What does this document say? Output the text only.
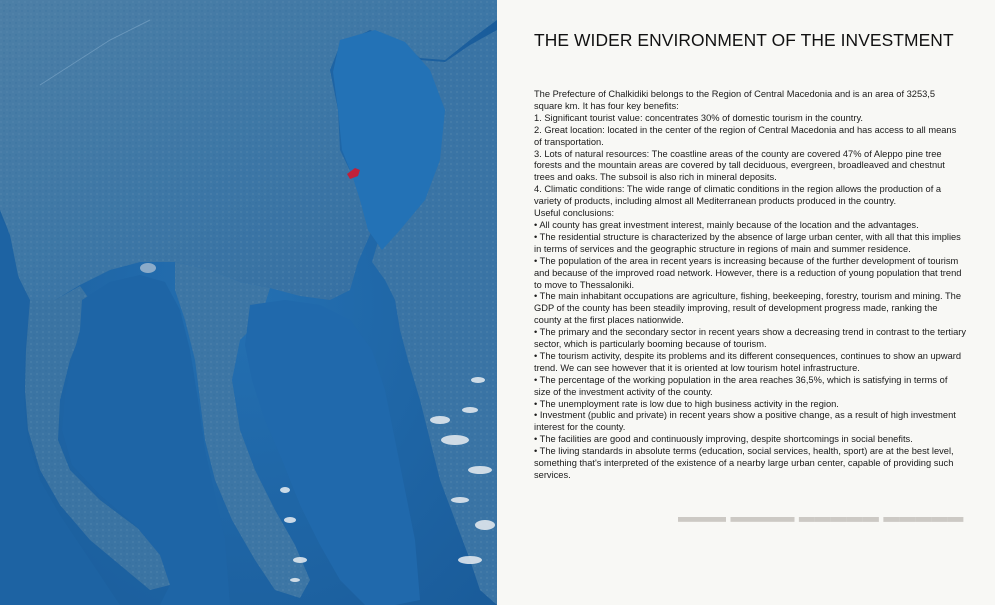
▬▬▬ ▬▬▬▬ ▬▬▬▬▬ ▬▬▬▬▬
THE WIDER ENVIRONMENT OF THE INVESTMENT

The Prefecture of Chalkidiki belongs to the Region of Central Macedonia and is an area of 3253,5 square km. It has four key benefits:

1. Significant tourist value: concentrates 30% of domestic tourism in the country.

2. Great location: located in the center of the region of Central Macedonia and has access to all means of transportation.

3. Lots of natural resources: The coastline areas of the county are covered 47% of Aleppo pine tree forests and the mountain areas are covered by tall deciduous, evergreen, broadleaved and chestnut trees and oaks. The subsoil is also rich in mineral deposits.

4. Climatic conditions: The wide range of climatic conditions in the region allows the production of a variety of products, including almost all Mediterranean products produced in the country.

Useful conclusions:

• All county has great investment interest, mainly because of the location and the advantages.

• The residential structure is characterized by the absence of large urban center, with all that this implies in terms of services and the geographic structure in regions of main and summer residence.

• The population of the area in recent years is increasing because of the further development of tourism and because of the improved road network. However, there is a reduction of young population that trend to move to Thessaloniki.

• The main inhabitant occupations are agriculture, fishing, beekeeping, forestry, tourism and mining. The GDP of the county has been steadily improving, result of development progress made, ranking the county at the first places nationwide.

• The primary and the secondary sector in recent years show a decreasing trend in contrast to the tertiary sector, which is particularly booming because of tourism.

• The tourism activity, despite its problems and its different consequences, continues to show an upward trend. We can see however that it is oriented at low tourism hotel infrastructure.

• The percentage of the working population in the area reaches 36,5%, which is satisfying in terms of size of the investment activity of the county.

• The unemployment rate is low due to high business activity in the region.

• Investment (public and private) in recent years show a positive change, as a result of high investment interest for the county.

• The facilities are good and continuously improving, despite shortcomings in social benefits.

• The living standards in absolute terms (education, social services, health, sport) are at the best level, something that's interpreted of the existence of a nearby large urban center, capable of providing such services.
